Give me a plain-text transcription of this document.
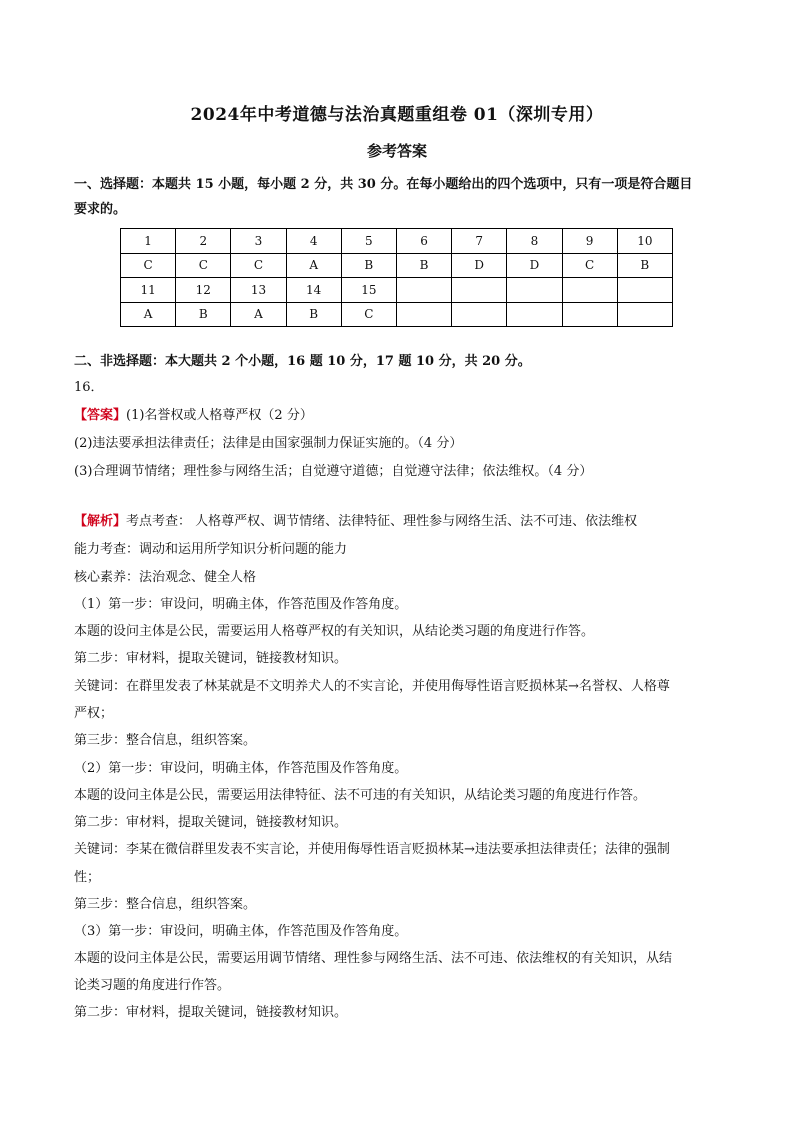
2024年中考道德与法治真题重组卷 01（深圳专用）
参考答案
一、选择题：本题共 15 小题，每小题 2 分，共 30 分。在每小题给出的四个选项中，只有一项是符合题目
要求的。
1	2	3	4	5	6	7	8	9	10
C	C	C	A	B	B	D	D	C	B
11	12	13	14	15					
A	B	A	B	C					
二、非选择题：本大题共 2 个小题，16 题 10 分，17 题 10 分，共 20 分。
16．
【答案】(1)名誉权或人格尊严权（2 分）
(2)违法要承担法律责任；法律是由国家强制力保证实施的。（4 分）
(3)合理调节情绪；理性参与网络生活；自觉遵守道德；自觉遵守法律；依法维权。（4 分）
【解析】考点考查： 人格尊严权、调节情绪、法律特征、理性参与网络生活、法不可违、依法维权
能力考查：调动和运用所学知识分析问题的能力
核心素养：法治观念、健全人格
（1）第一步：审设问，明确主体，作答范围及作答角度。
本题的设问主体是公民，需要运用人格尊严权的有关知识，从结论类习题的角度进行作答。
第二步：审材料，提取关键词，链接教材知识。
关键词：在群里发表了林某就是不文明养犬人的不实言论，并使用侮辱性语言贬损林某→名誉权、人格尊
严权；
第三步：整合信息，组织答案。
（2）第一步：审设问，明确主体，作答范围及作答角度。
本题的设问主体是公民，需要运用法律特征、法不可违的有关知识，从结论类习题的角度进行作答。
第二步：审材料，提取关键词，链接教材知识。
关键词：李某在微信群里发表不实言论，并使用侮辱性语言贬损林某→违法要承担法律责任；法律的强制
性；
第三步：整合信息，组织答案。
（3）第一步：审设问，明确主体，作答范围及作答角度。
本题的设问主体是公民，需要运用调节情绪、理性参与网络生活、法不可违、依法维权的有关知识，从结
论类习题的角度进行作答。
第二步：审材料，提取关键词，链接教材知识。
